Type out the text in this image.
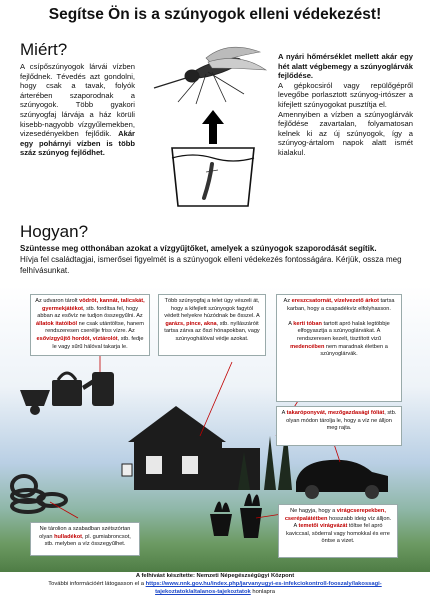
Segítse Ön is a szúnyogok elleni védekezést!
Miért?
A csípőszúnyogok lárvái vízben fejlődnek. Tévedés azt gondolni, hogy csak a tavak, folyók árterében szaporodnak a szúnyogok. Több gyakori szúnyogfaj lárvája a ház körüli kisebb-nagyobb vízgyűlemekben, vizesedényekben fejlődik. Akár egy pohárnyi vízben is több száz szúnyog fejlődhet.
A nyári hőmérséklet mellett akár egy hét alatt végbemegy a szúnyoglárvák fejlődése.
A gépkocsiról vagy repülőgépről levegőbe porlasztott szúnyog-irtószer a kifejlett szúnyogokat pusztítja el.
Amennyiben a vízben a szúnyoglárvák fejlődése zavartalan, folyamatosan kelnek ki az új szúnyogok, így a szúnyog-ártalom napok alatt ismét kialakul.
Hogyan?
Szüntesse meg otthonában azokat a vízgyűjtőket, amelyek a szúnyogok szaporodását segítik.
Hívja fel családtagjai, ismerősei figyelmét is a szúnyogok elleni védekezés fontosságára. Kérjük, ossza meg felhívásunkat.
Az udvaron tárolt vödröt, kannát, talicskát, gyermekjátékot, stb. fordítsa fel, hogy abban az esővíz ne tudjon összegyűlni. Az állatok itatóiból ne csak utántöltse, hanem rendszeresen cserélje friss vízre. Az esővízgyűjtő hordót, víztárolót, stb. fedje le vagy sűrű hálóval takarja le.
Több szúnyogfaj a telet ügy vészeli át, hogy a kifejlett szúnyogok fagytól védett helyekre húzódnak be ősszel. A garázs, pince, akna, stb. nyílászáróit tartsa zárva az őszi hónapokban, vagy szúnyoghálóval védje azokat.
Az ereszcsatornát, vízelvezető árkot tartsa karban, hogy a csapadékvíz elfolyhasson.

A kerti tóban tartott apró halak legtöbbje elfogyasztja a szúnyoglárvákat. A rendszeresen kezelt, tisztított vizű medencében nem maradnak életben a szúnyoglárvák.
A takaróponyvát, mezőgazdasági fóliát, stb. olyan módon tárolja le, hogy a víz ne álljon meg rajta.
Ne tárolion a szabadban szétszórtan olyan hulladékot, pl. gumiabroncsot, stb. melyben a víz összegyűlhet.
Ne hagyja, hogy a virágcserepekben, cserépalátétben hosszabb ideig víz álljon. A temetői virágvázát töltse fel apró kaviccsal, söderral vagy homokkal és erre öntse a vizet.
A felhívást készítette: Nemzeti Népegészségügyi Központ
További információért látogasson el a https://www.nnk.gov.hu/index.php/jarvanyugyi-es-infekciokontroll-fooszaly/lakossagi-
tajekoztatok/altalanos-tajekoztatok honlapra
